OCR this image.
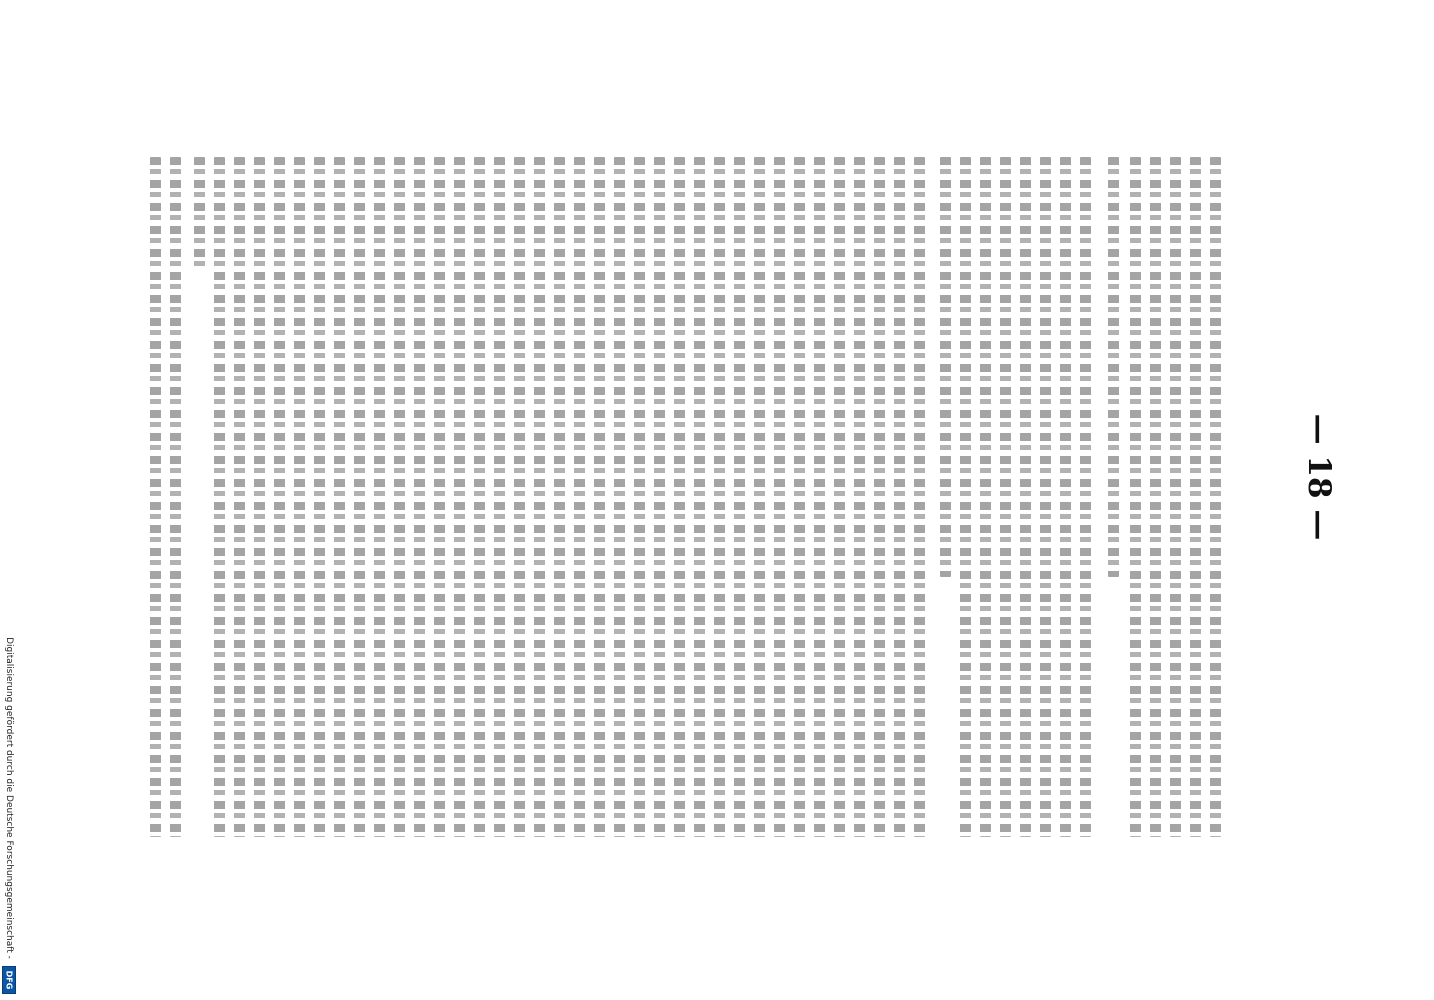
— 18 —
Digitalisierung gefördert durch die Deutsche Forschungsgemeinschaft -
DFG
